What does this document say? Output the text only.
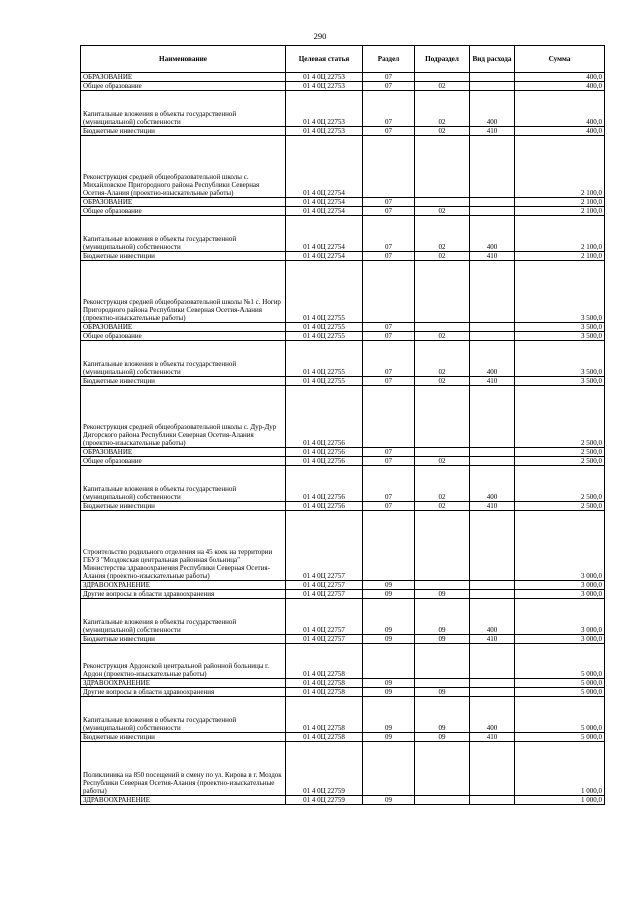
290
Наименование	Целевая статья	Раздел	Подраздел	Вид расхода	Сумма
ОБРАЗОВАНИЕ	01 4 0Ц 22753	07			400,0
Общее образование	01 4 0Ц 22753	07	02		400,0
Капитальные вложения в объекты государственной (муниципальной) собственности	01 4 0Ц 22753	07	02	400	400,0
Бюджетные инвестиции	01 4 0Ц 22753	07	02	410	400,0
Реконструкция средней общеобразовательной школы с. Михайловское Пригородного района Республики Северная Осетия-Алания (проектно-изыскательные работы)	01 4 0Ц 22754				2 100,0
ОБРАЗОВАНИЕ	01 4 0Ц 22754	07			2 100,0
Общее образование	01 4 0Ц 22754	07	02		2 100,0
Капитальные вложения в объекты государственной (муниципальной) собственности	01 4 0Ц 22754	07	02	400	2 100,0
Бюджетные инвестиции	01 4 0Ц 22754	07	02	410	2 100,0
Реконструкция средней общеобразовательной школы №1 с. Ногир Пригородного района Республики Северная Осетия-Алания (проектно-изыскательные работы)	01 4 0Ц 22755				3 500,0
ОБРАЗОВАНИЕ	01 4 0Ц 22755	07			3 500,0
Общее образование	01 4 0Ц 22755	07	02		3 500,0
Капитальные вложения в объекты государственной (муниципальной) собственности	01 4 0Ц 22755	07	02	400	3 500,0
Бюджетные инвестиции	01 4 0Ц 22755	07	02	410	3 500,0
Реконструкция средней общеобразовательной школы с. Дур-Дур Дигорского района Республики Северная Осетия-Алания (проектно-изыскательные работы)	01 4 0Ц 22756				2 500,0
ОБРАЗОВАНИЕ	01 4 0Ц 22756	07			2 500,0
Общее образование	01 4 0Ц 22756	07	02		2 500,0
Капитальные вложения в объекты государственной (муниципальной) собственности	01 4 0Ц 22756	07	02	400	2 500,0
Бюджетные инвестиции	01 4 0Ц 22756	07	02	410	2 500,0
Строительство родильного отделения на 45 коек на территории ГБУЗ "Моздокская центральная районная больница" Министерства здравоохранения Республики Северная Осетия-Алания (проектно-изыскательные работы)	01 4 0Ц 22757				3 000,0
ЗДРАВООХРАНЕНИЕ	01 4 0Ц 22757	09			3 000,0
Другие вопросы в области здравоохранения	01 4 0Ц 22757	09	09		3 000,0
Капитальные вложения в объекты государственной (муниципальной) собственности	01 4 0Ц 22757	09	09	400	3 000,0
Бюджетные инвестиции	01 4 0Ц 22757	09	09	410	3 000,0
Реконструкция Ардонской центральной районной больницы г. Ардон (проектно-изыскательные работы)	01 4 0Ц 22758				5 000,0
ЗДРАВООХРАНЕНИЕ	01 4 0Ц 22758	09			5 000,0
Другие вопросы в области здравоохранения	01 4 0Ц 22758	09	09		5 000,0
Капитальные вложения в объекты государственной (муниципальной) собственности	01 4 0Ц 22758	09	09	400	5 000,0
Бюджетные инвестиции	01 4 0Ц 22758	09	09	410	5 000,0
Поликлиника на 850 посещений в смену по ул. Кирова в г. Моздок Республики Северная Осетия-Алания (проектно-изыскательные работы)	01 4 0Ц 22759				1 000,0
ЗДРАВООХРАНЕНИЕ	01 4 0Ц 22759	09			1 000,0
